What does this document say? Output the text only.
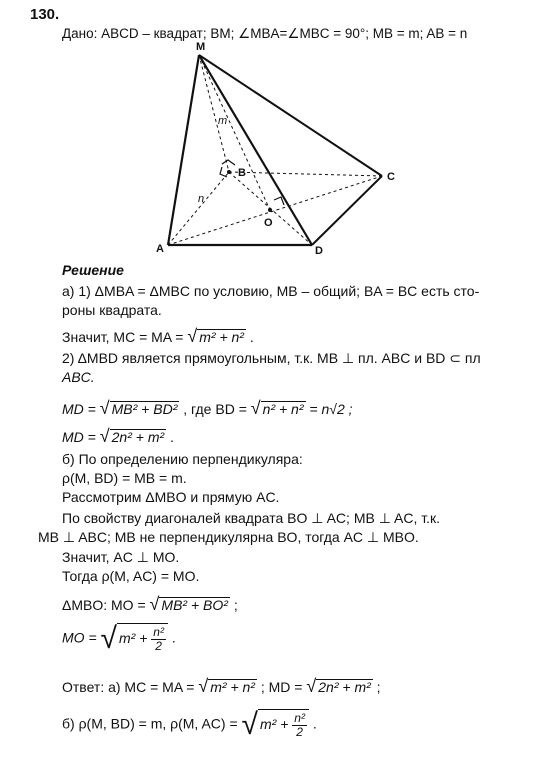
130.
Дано: ABCD – квадрат; BM; ∠MBA=∠MBC = 90°; MB = m; AB = n
M
m
B
n
O
C
A	D
Решение
а) 1) ΔMBA = ΔMBC по условию, MB – общий; BA = BC есть сто-
роны квадрата.
Значит, MC = MA = √ m² + n² .
2) ΔMBD является прямоугольным, т.к. MB ⊥ пл. ABC и BD ⊂ пл
ABC.
MD = √ MB² + BD² , где BD = √ n² + n² = n√2 ;
MD = √ 2n² + m² .
б) По определению перпендикуляра:
ρ(M, BD) = MB = m.
Рассмотрим ΔMBO и прямую AC.
По свойству диагоналей квадрата BO ⊥ AC; MB ⊥ AC, т.к.
MB ⊥ ABC; MB не перпендикулярна BO, тогда AC ⊥ MBO.
Значит, AC ⊥ MO.
Тогда ρ(M, AC) = MO.
ΔMBO: MO = √ MB² + BO² ;
MO = √ $m^2 + \frac{\text{n²}}{2}$ .
Ответ: а) MC = MA = √ m² + n² ; MD = √ 2n² + m² ;
б) ρ(M, BD) = m, ρ(M, AC) = √ $m^2 + \frac{\text{n²}}{2}$ .
